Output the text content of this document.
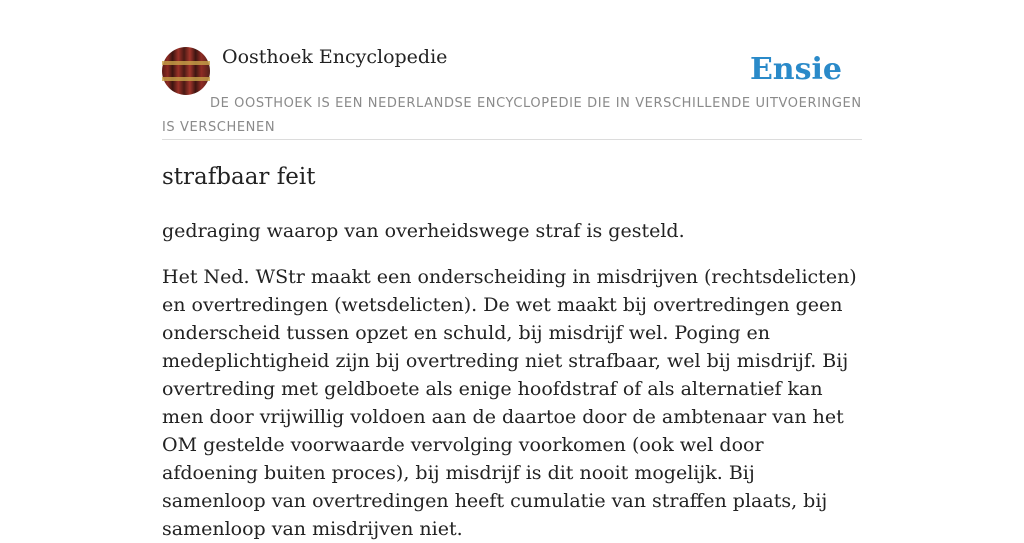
Oosthoek Encyclopedie	Ensie

DE OOSTHOEK IS EEN NEDERLANDSE ENCYCLOPEDIE DIE IN VERSCHILLENDE UITVOERINGEN IS VERSCHENEN

strafbaar feit

gedraging waarop van overheidswege straf is gesteld.

Het Ned. WStr maakt een onderscheiding in misdrijven (rechtsdelicten) en overtredingen (wetsdelicten). De wet maakt bij overtredingen geen onderscheid tussen opzet en schuld, bij misdrijf wel. Poging en medeplichtigheid zijn bij overtreding niet strafbaar, wel bij misdrijf. Bij overtreding met geldboete als enige hoofdstraf of als alternatief kan men door vrijwillig voldoen aan de daartoe door de ambtenaar van het OM gestelde voorwaarde vervolging voorkomen (ook wel door afdoening buiten proces), bij misdrijf is dit nooit mogelijk. Bij samenloop van overtredingen heeft cumulatie van straffen plaats, bij samenloop van misdrijven niet.
